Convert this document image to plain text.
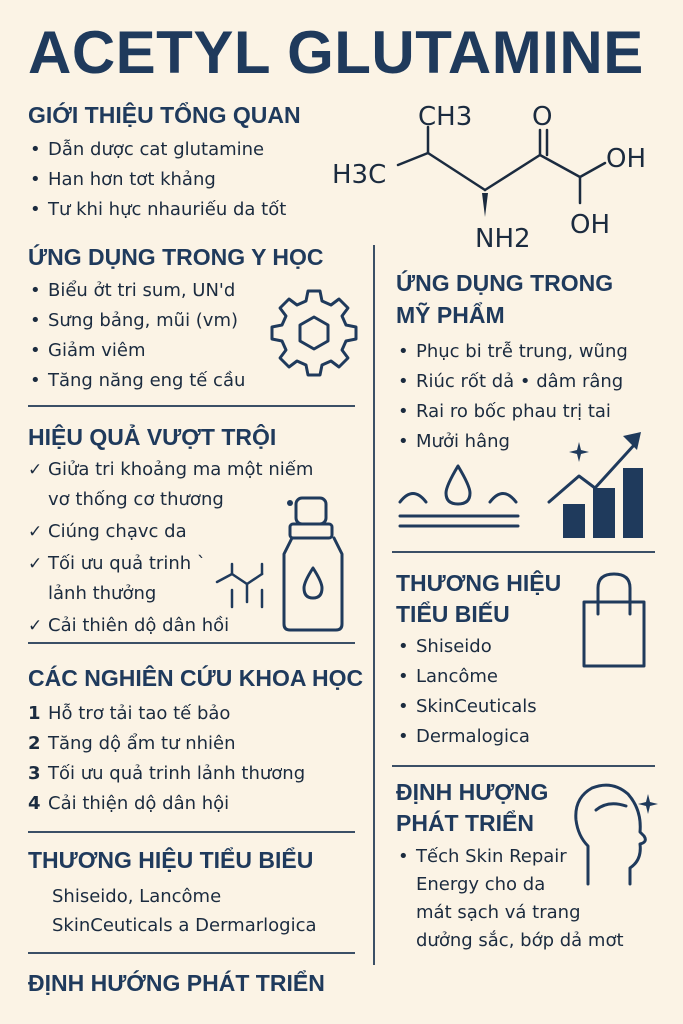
ACETYL GLUTAMINE
GIỚI THIỆU TỔNG QUAN
• Dẫn dược cat glutamine
• Han hơn tơt khảng
• Tư khi hực nhauriếu da tốt
CH3
H3C
O
OH
OH
NH2
ỨNG DỤNG TRONG Y HỌC
• Biểu ởt tri sum, UN'd
• Sưng bảng, mũi (vm)
• Giảm viêm
• Tăng năng eng tế cầu
HIỆU QUẢ VƯỢT TRỘI
✓ Giửa tri khoảng ma một niếm
vơ thống cơ thương
✓ Ciúng chạvc da
✓ Tối ưu quả trinh `
lảnh thưởng
✓ Cải thiên dộ dân hồi
CÁC NGHIÊN CỨU KHOA HỌC
1 Hỗ trơ tải tao tế bảo
2 Tăng dộ ẩm tư nhiên
3 Tối ưu quả trinh lảnh thương
4 Cải thiện dộ dân hội
THƯƠNG HIỆU TIỂU BIỂU
Shiseido, Lancôme
SkinCeuticals a Dermarlogica
ĐỊNH HƯỚNG PHÁT TRIỂN
ỨNG DỤNG TRONG
MỸ PHẨM
• Phục bi trễ trung, wũng
• Riúc rốt dả • dâm râng
• Rai ro bốc phau trị tai
• Mưởi hâng
THƯƠNG HIỆU
TIỂU BIẾU
• Shiseido
• Lancôme
• SkinCeuticals
• Dermalogica
ĐỊNH HƯỢNG
PHÁT TRIỂN
• Tếch Skin Repair
Energy cho da
mát sạch vá trang
dưởng sắc, bớp dả mơt
